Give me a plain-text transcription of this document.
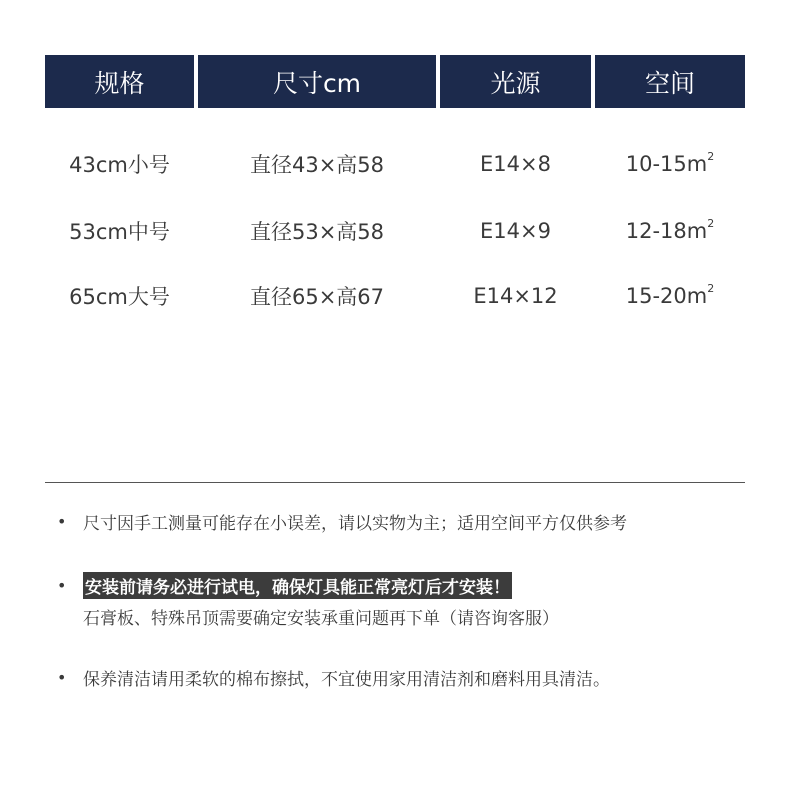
规格	尺寸cm	光源	空间
43cm小号	直径43×高58	E14×8	10-15m 2
53cm中号	直径53×高58	E14×9	12-18m 2
65cm大号	直径65×高67	E14×12	15-20m 2
• 尺寸因手工测量可能存在小误差，请以实物为主；适用空间平方仅供参考
•	安装前请务必进行试电，确保灯具能正常亮灯后才安装！
石膏板、特殊吊顶需要确定安装承重问题再下单（请咨询客服）
• 保养清洁请用柔软的棉布擦拭，不宜使用家用清洁剂和磨料用具清洁。
